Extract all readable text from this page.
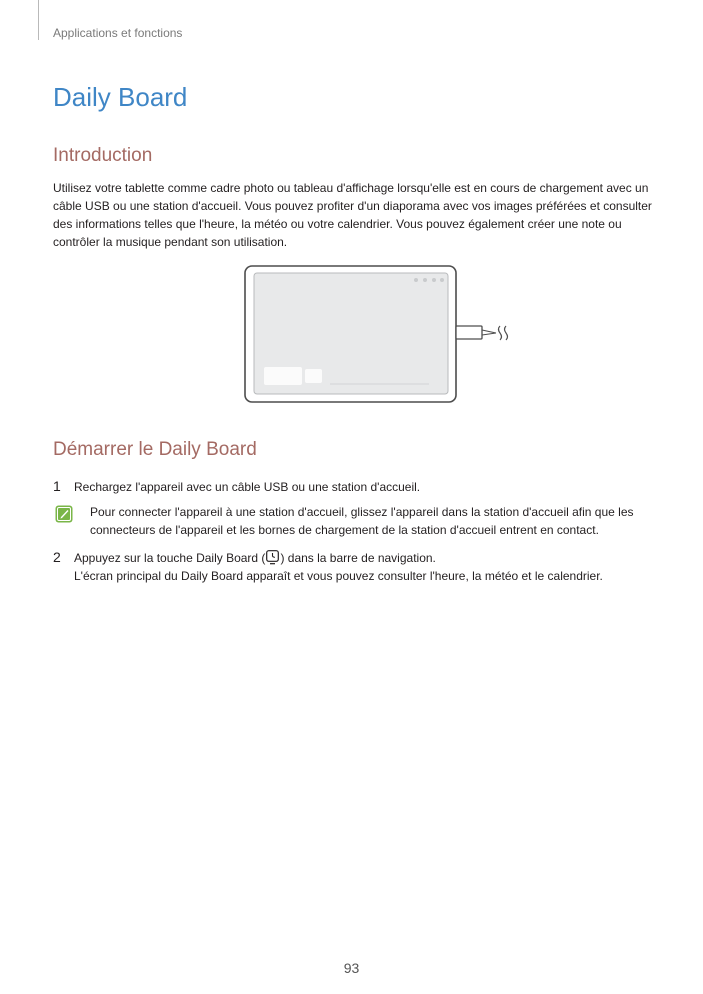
Applications et fonctions
Daily Board
Introduction
Utilisez votre tablette comme cadre photo ou tableau d'affichage lorsqu'elle est en cours de chargement avec un câble USB ou une station d'accueil. Vous pouvez profiter d'un diaporama avec vos images préférées et consulter des informations telles que l'heure, la météo ou votre calendrier. Vous pouvez également créer une note ou contrôler la musique pendant son utilisation.
Démarrer le Daily Board
1 Rechargez l'appareil avec un câble USB ou une station d'accueil.
Pour connecter l'appareil à une station d'accueil, glissez l'appareil dans la station d'accueil afin que les connecteurs de l'appareil et les bornes de chargement de la station d'accueil entrent en contact.
2 Appuyez sur la touche Daily Board ( ) dans la barre de navigation.
L'écran principal du Daily Board apparaît et vous pouvez consulter l'heure, la météo et le calendrier.
93
